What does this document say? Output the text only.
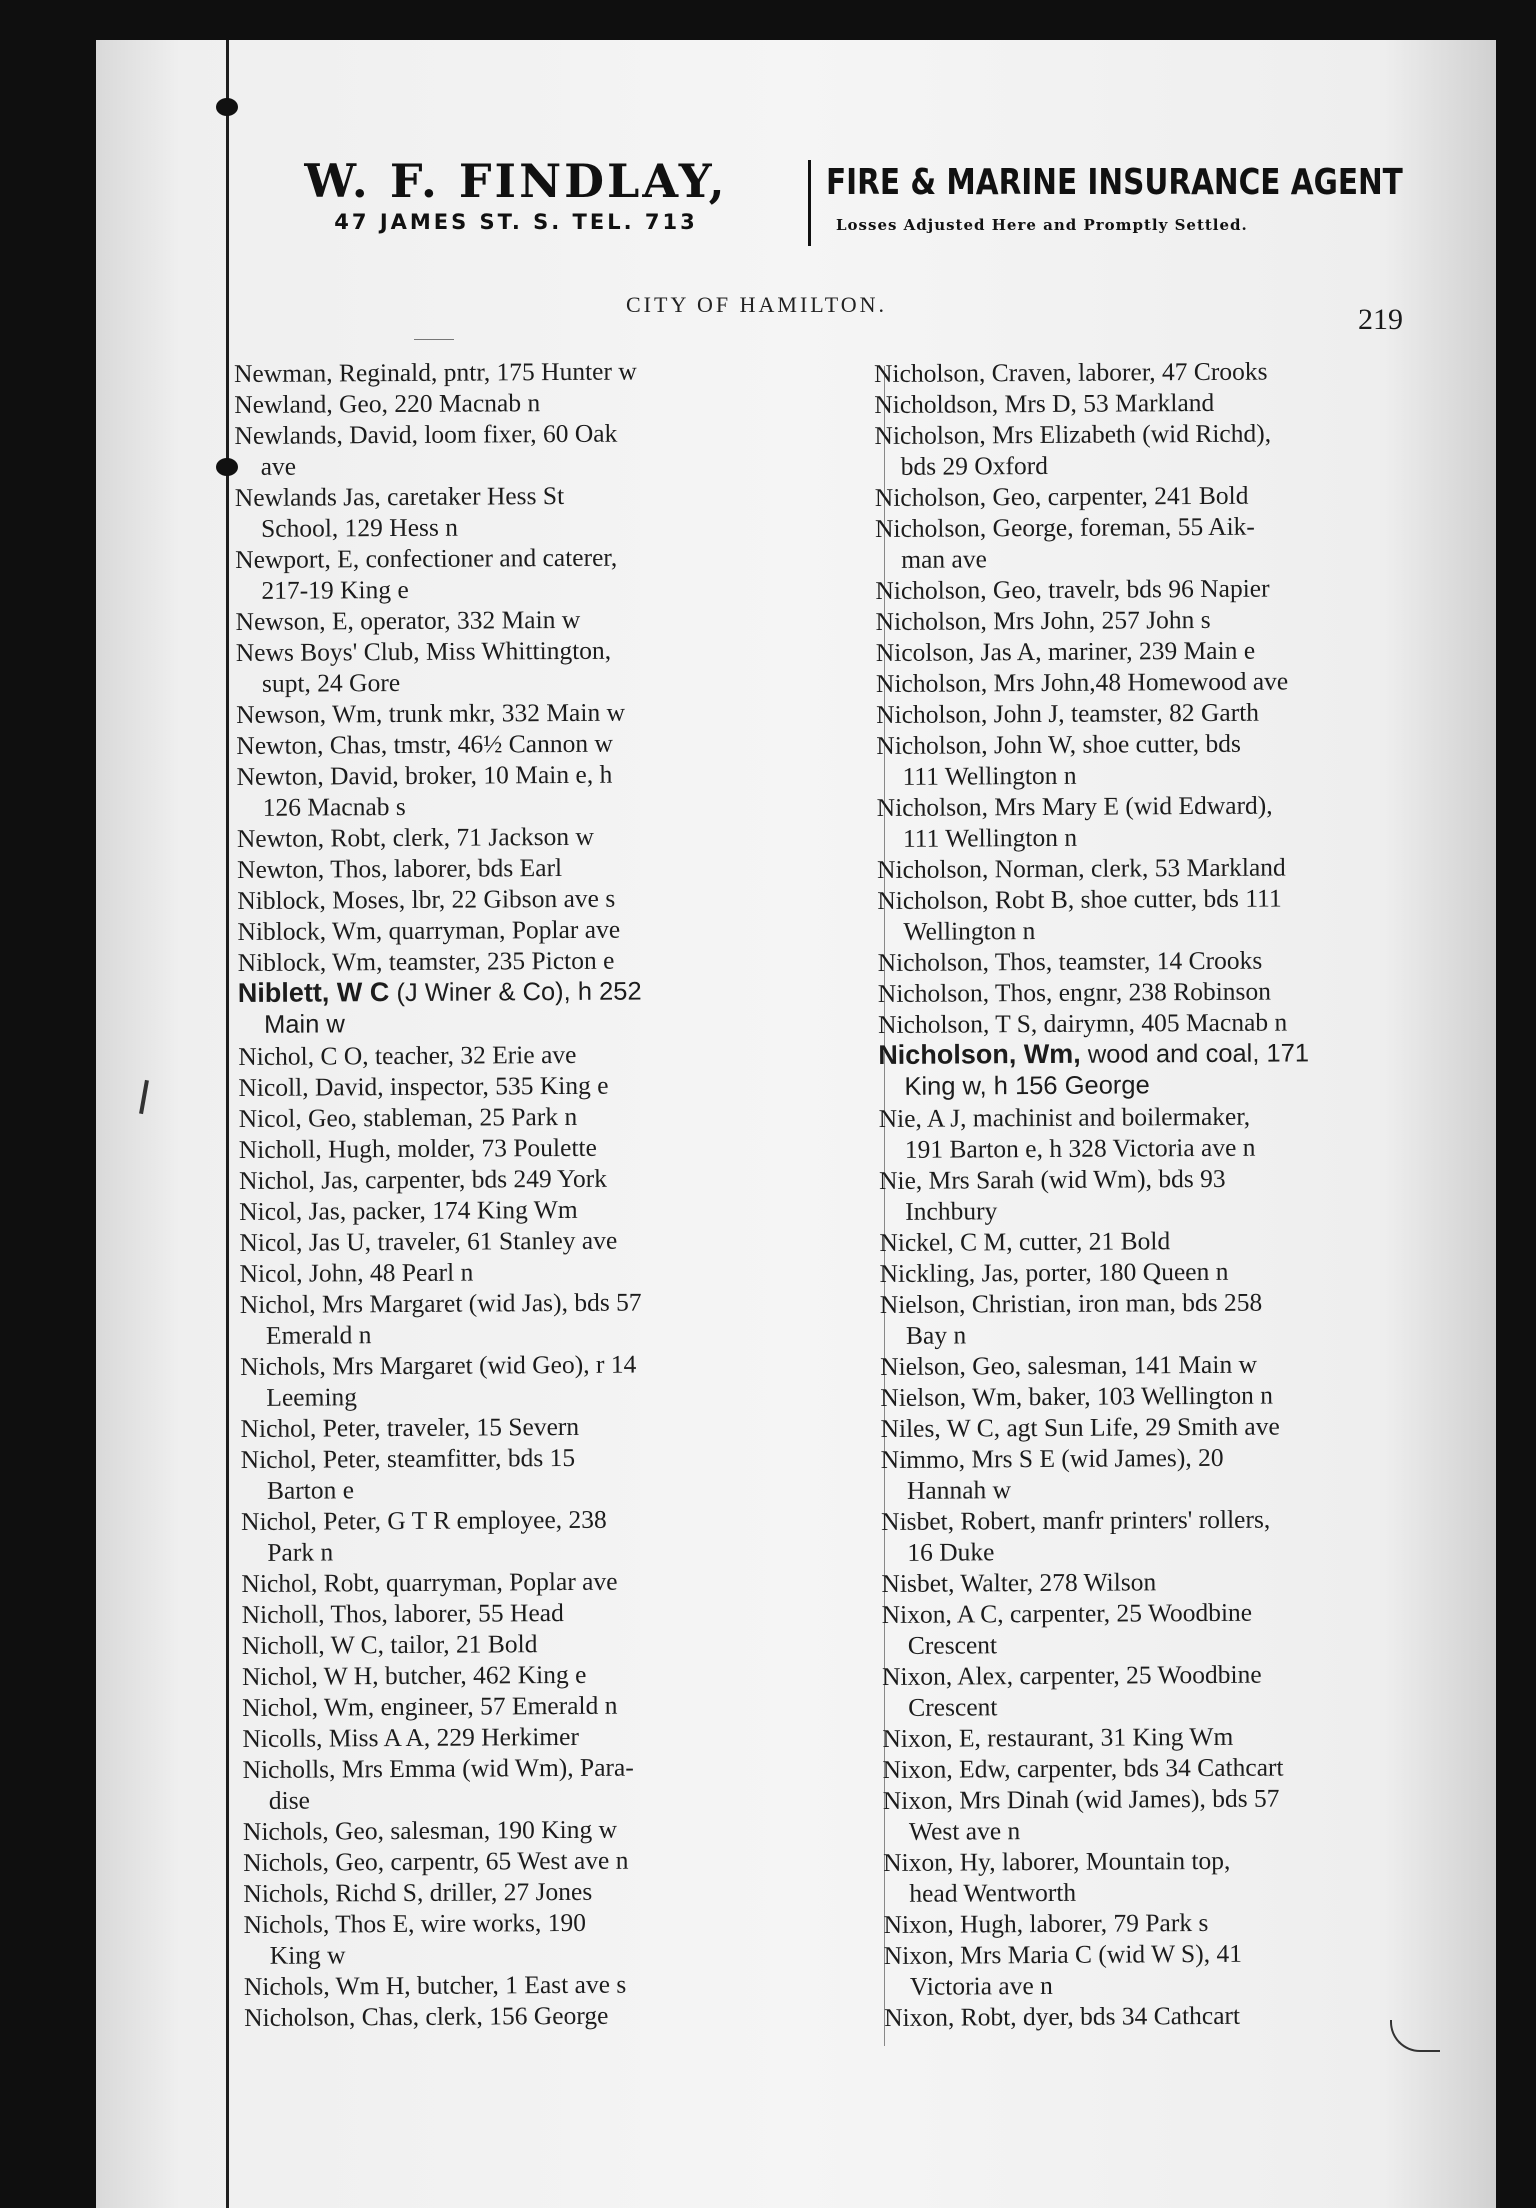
W. F. FINDLAY,
47 JAMES ST. S. TEL. 713
FIRE & MARINE INSURANCE AGENT
Losses Adjusted Here and Promptly Settled.
CITY OF HAMILTON.	219
Newman, Reginald, pntr, 175 Hunter w
Newland, Geo, 220 Macnab n
Newlands, David, loom fixer, 60 Oak
ave
Newlands Jas, caretaker Hess St
School, 129 Hess n
Newport, E, confectioner and caterer,
217-19 King e
Newson, E, operator, 332 Main w
News Boys' Club, Miss Whittington,
supt, 24 Gore
Newson, Wm, trunk mkr, 332 Main w
Newton, Chas, tmstr, 46½ Cannon w
Newton, David, broker, 10 Main e, h
126 Macnab s
Newton, Robt, clerk, 71 Jackson w
Newton, Thos, laborer, bds Earl
Niblock, Moses, lbr, 22 Gibson ave s
Niblock, Wm, quarryman, Poplar ave
Niblock, Wm, teamster, 235 Picton e
Niblett, W C (J Winer & Co), h 252
Main w
Nichol, C O, teacher, 32 Erie ave
Nicoll, David, inspector, 535 King e
Nicol, Geo, stableman, 25 Park n
Nicholl, Hugh, molder, 73 Poulette
Nichol, Jas, carpenter, bds 249 York
Nicol, Jas, packer, 174 King Wm
Nicol, Jas U, traveler, 61 Stanley ave
Nicol, John, 48 Pearl n
Nichol, Mrs Margaret (wid Jas), bds 57
Emerald n
Nichols, Mrs Margaret (wid Geo), r 14
Leeming
Nichol, Peter, traveler, 15 Severn
Nichol, Peter, steamfitter, bds 15
Barton e
Nichol, Peter, G T R employee, 238
Park n
Nichol, Robt, quarryman, Poplar ave
Nicholl, Thos, laborer, 55 Head
Nicholl, W C, tailor, 21 Bold
Nichol, W H, butcher, 462 King e
Nichol, Wm, engineer, 57 Emerald n
Nicolls, Miss A A, 229 Herkimer
Nicholls, Mrs Emma (wid Wm), Para-
dise
Nichols, Geo, salesman, 190 King w
Nichols, Geo, carpentr, 65 West ave n
Nichols, Richd S, driller, 27 Jones
Nichols, Thos E, wire works, 190
King w
Nichols, Wm H, butcher, 1 East ave s
Nicholson, Chas, clerk, 156 George
Nicholson, Craven, laborer, 47 Crooks
Nicholdson, Mrs D, 53 Markland
Nicholson, Mrs Elizabeth (wid Richd),
bds 29 Oxford
Nicholson, Geo, carpenter, 241 Bold
Nicholson, George, foreman, 55 Aik-
man ave
Nicholson, Geo, travelr, bds 96 Napier
Nicholson, Mrs John, 257 John s
Nicolson, Jas A, mariner, 239 Main e
Nicholson, Mrs John,48 Homewood ave
Nicholson, John J, teamster, 82 Garth
Nicholson, John W, shoe cutter, bds
111 Wellington n
Nicholson, Mrs Mary E (wid Edward),
111 Wellington n
Nicholson, Norman, clerk, 53 Markland
Nicholson, Robt B, shoe cutter, bds 111
Wellington n
Nicholson, Thos, teamster, 14 Crooks
Nicholson, Thos, engnr, 238 Robinson
Nicholson, T S, dairymn, 405 Macnab n
Nicholson, Wm, wood and coal, 171
King w, h 156 George
Nie, A J, machinist and boilermaker,
191 Barton e, h 328 Victoria ave n
Nie, Mrs Sarah (wid Wm), bds 93
Inchbury
Nickel, C M, cutter, 21 Bold
Nickling, Jas, porter, 180 Queen n
Nielson, Christian, iron man, bds 258
Bay n
Nielson, Geo, salesman, 141 Main w
Nielson, Wm, baker, 103 Wellington n
Niles, W C, agt Sun Life, 29 Smith ave
Nimmo, Mrs S E (wid James), 20
Hannah w
Nisbet, Robert, manfr printers' rollers,
16 Duke
Nisbet, Walter, 278 Wilson
Nixon, A C, carpenter, 25 Woodbine
Crescent
Nixon, Alex, carpenter, 25 Woodbine
Crescent
Nixon, E, restaurant, 31 King Wm
Nixon, Edw, carpenter, bds 34 Cathcart
Nixon, Mrs Dinah (wid James), bds 57
West ave n
Nixon, Hy, laborer, Mountain top,
head Wentworth
Nixon, Hugh, laborer, 79 Park s
Nixon, Mrs Maria C (wid W S), 41
Victoria ave n
Nixon, Robt, dyer, bds 34 Cathcart
